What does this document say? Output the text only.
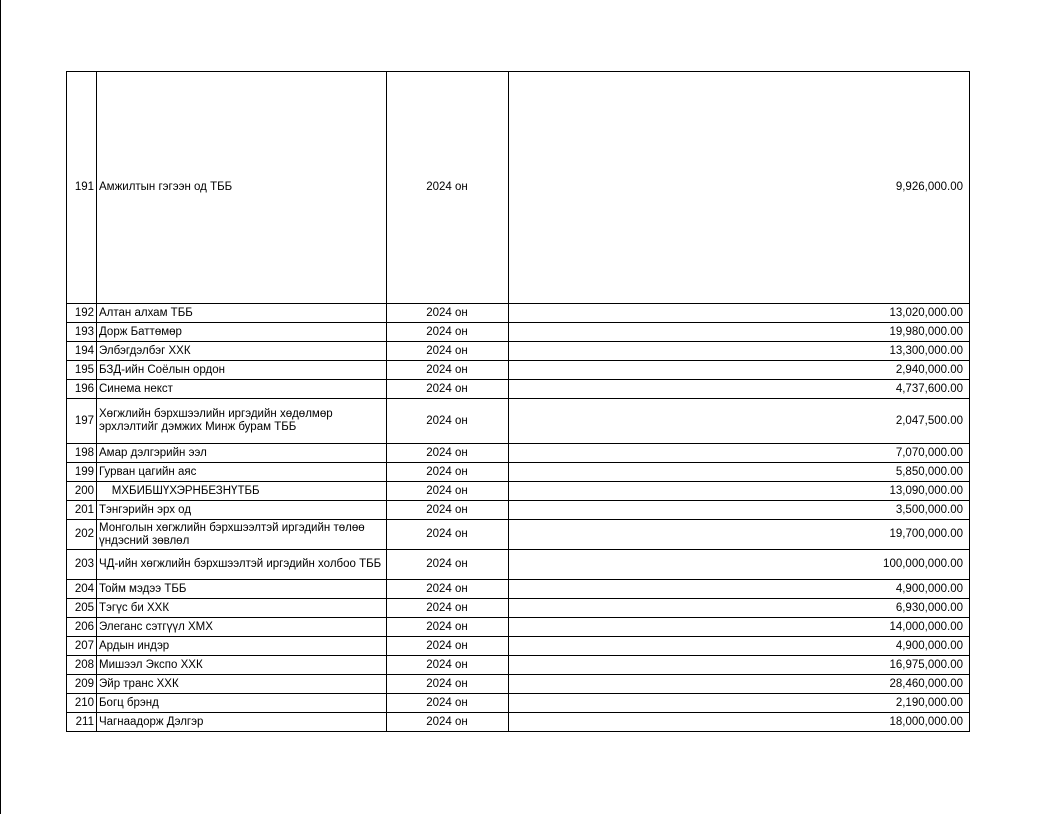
191	Амжилтын гэгээн од ТББ	2024 он	9,926,000.00
192	Алтан алхам ТББ	2024 он	13,020,000.00
193	Дорж Баттөмөр	2024 он	19,980,000.00
194	Элбэгдэлбэг ХХК	2024 он	13,300,000.00
195	БЗД-ийн Соёлын ордон	2024 он	2,940,000.00
196	Синема некст	2024 он	4,737,600.00
197	Хөгжлийн бэрхшээлийн иргэдийн хөдөлмөр эрхлэлтийг дэмжих Минж бурам ТББ	2024 он	2,047,500.00
198	Амар дэлгэрийн ээл	2024 он	7,070,000.00
199	Гурван цагийн аяс	2024 он	5,850,000.00
200	МХБИБШҮХЭРНБЕЗНҮТББ	2024 он	13,090,000.00
201	Тэнгэрийн эрх од	2024 он	3,500,000.00
202	Монголын хөгжлийн бэрхшээлтэй иргэдийн төлөө үндэсний зөвлөл	2024 он	19,700,000.00
203	ЧД-ийн хөгжлийн бэрхшээлтэй иргэдийн холбоо ТББ	2024 он	100,000,000.00
204	Тойм мэдээ ТББ	2024 он	4,900,000.00
205	Тэгүс би ХХК	2024 он	6,930,000.00
206	Элеганс сэтгүүл ХМХ	2024 он	14,000,000.00
207	Ардын индэр	2024 он	4,900,000.00
208	Мишээл Экспо ХХК	2024 он	16,975,000.00
209	Эйр транс ХХК	2024 он	28,460,000.00
210	Богц брэнд	2024 он	2,190,000.00
211	Чагнаадорж Дэлгэр	2024 он	18,000,000.00
